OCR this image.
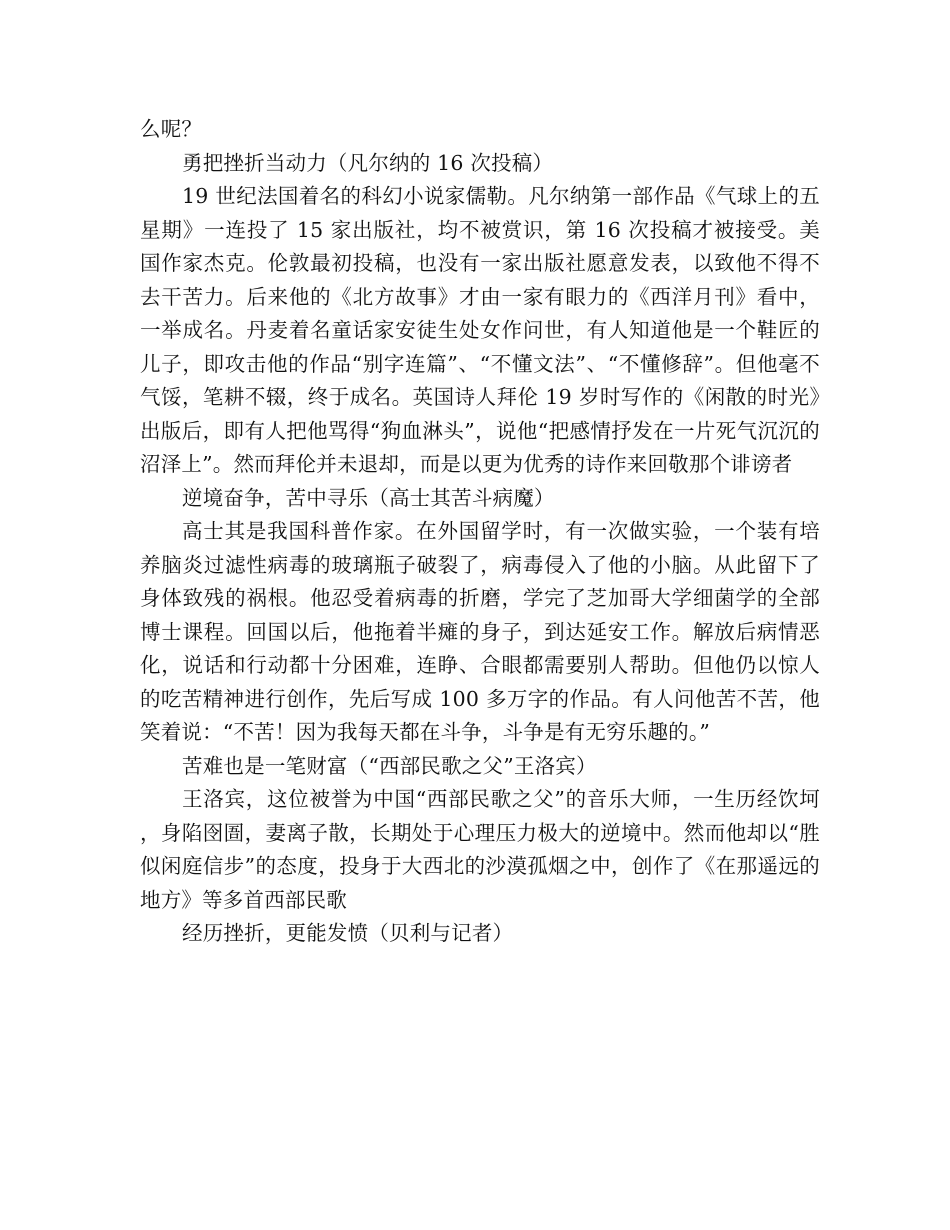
么呢？

勇把挫折当动力（凡尔纳的 16 次投稿）

19 世纪法国着名的科幻小说家儒勒。凡尔纳第一部作品《气球上的五星期》一连投了 15 家出版社，均不被赏识，第 16 次投稿才被接受。美国作家杰克。伦敦最初投稿，也没有一家出版社愿意发表，以致他不得不去干苦力。后来他的《北方故事》才由一家有眼力的《西洋月刊》看中，一举成名。丹麦着名童话家安徒生处女作问世，有人知道他是一个鞋匠的儿子，即攻击他的作品“别字连篇”、“不懂文法”、“不懂修辞”。但他毫不气馁，笔耕不辍，终于成名。英国诗人拜伦 19 岁时写作的《闲散的时光》出版后，即有人把他骂得“狗血淋头”，说他“把感情抒发在一片死气沉沉的沼泽上”。然而拜伦并未退却，而是以更为优秀的诗作来回敬那个诽谤者

逆境奋争，苦中寻乐（高士其苦斗病魔）

高士其是我国科普作家。在外国留学时，有一次做实验，一个装有培养脑炎过滤性病毒的玻璃瓶子破裂了，病毒侵入了他的小脑。从此留下了身体致残的祸根。他忍受着病毒的折磨，学完了芝加哥大学细菌学的全部博士课程。回国以后，他拖着半瘫的身子，到达延安工作。解放后病情恶化，说话和行动都十分困难，连睁、合眼都需要别人帮助。但他仍以惊人的吃苦精神进行创作，先后写成 100 多万字的作品。有人问他苦不苦，他笑着说：“不苦！因为我每天都在斗争，斗争是有无穷乐趣的。”

苦难也是一笔财富（“西部民歌之父”王洛宾）

王洛宾，这位被誉为中国“西部民歌之父”的音乐大师，一生历经饮坷，身陷囹圄，妻离子散，长期处于心理压力极大的逆境中。然而他却以“胜似闲庭信步”的态度，投身于大西北的沙漠孤烟之中，创作了《在那遥远的地方》等多首西部民歌

经历挫折，更能发愤（贝利与记者）
